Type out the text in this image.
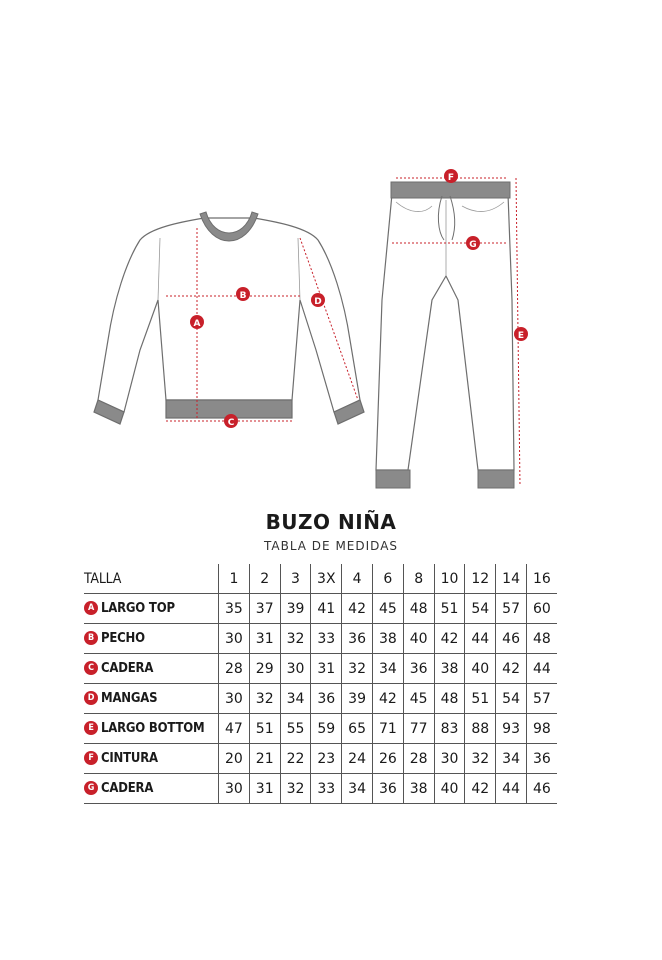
A
B
C
D
E
F
G
BUZO NIÑA
TABLA DE MEDIDAS
TALLA	1	2	3	3X	4	6	8	10	12	14	16
A LARGO TOP	35	37	39	41	42	45	48	51	54	57	60
B PECHO	30	31	32	33	36	38	40	42	44	46	48
C CADERA	28	29	30	31	32	34	36	38	40	42	44
D MANGAS	30	32	34	36	39	42	45	48	51	54	57
E LARGO BOTTOM	47	51	55	59	65	71	77	83	88	93	98
F CINTURA	20	21	22	23	24	26	28	30	32	34	36
G CADERA	30	31	32	33	34	36	38	40	42	44	46
